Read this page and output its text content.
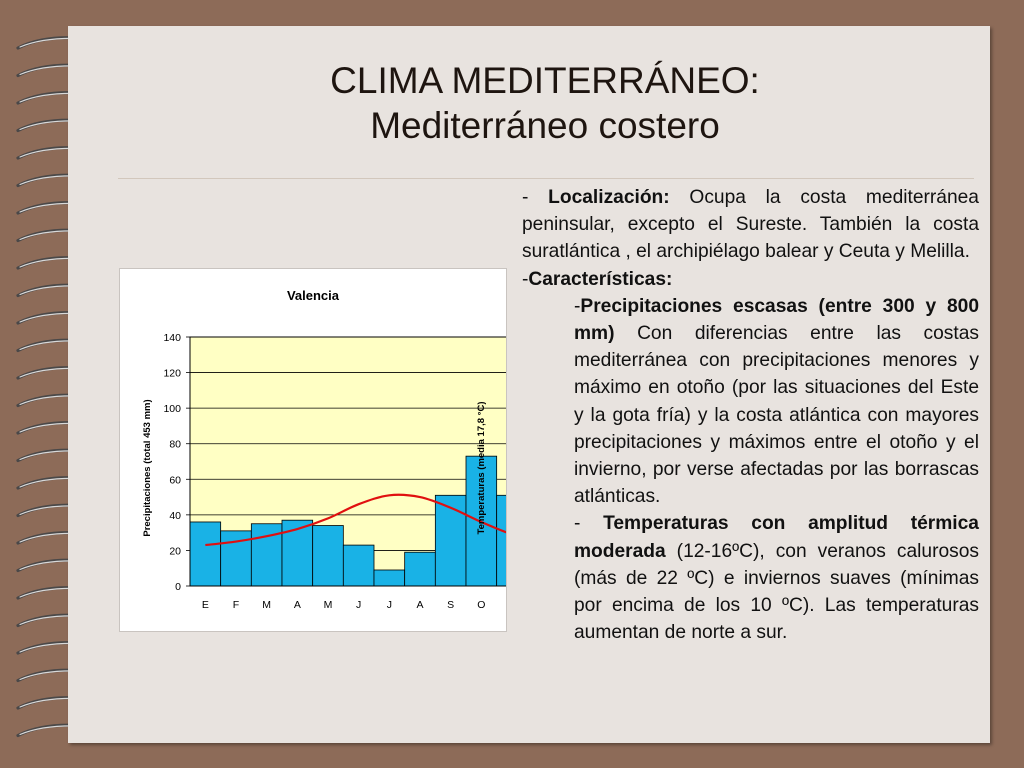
CLIMA MEDITERRÁNEO:
Mediterráneo costero
Valencia
0
20
40
60
80
100
120
140
E F M A M J J A S O
Precipitaciones (total 453 mm)	Temperaturas (media 17,8 °C)

- Localización: Ocupa la costa mediterránea peninsular, excepto el Sureste. También la costa suratlántica , el archipiélago balear y Ceuta y Melilla.

-Características:

-Precipitaciones escasas (entre 300 y 800 mm) Con diferencias entre las costas mediterránea con precipitaciones menores y máximo en otoño (por las situaciones del Este y la gota fría) y la costa atlántica con mayores precipitaciones y máximos entre el otoño y el invierno, por verse afectadas por las borrascas atlánticas.

- Temperaturas con amplitud térmica moderada (12-16ºC), con veranos calurosos (más de 22 ºC) e inviernos suaves (mínimas por encima de los 10 ºC). Las temperaturas aumentan de norte a sur.
